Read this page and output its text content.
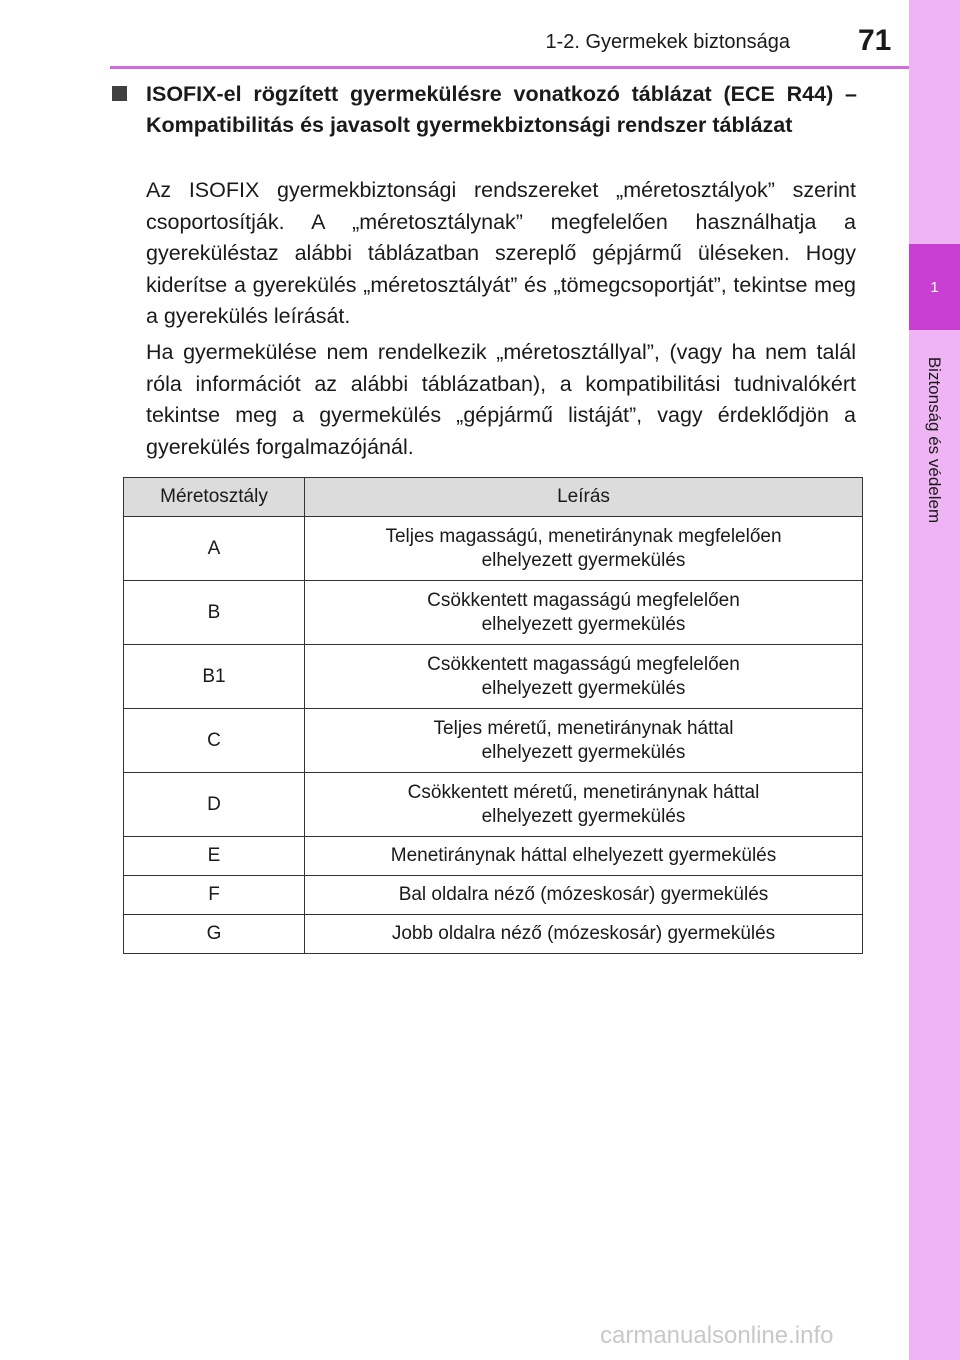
1
Biztonság és védelem
1-2. Gyermekek biztonsága 71
ISOFIX-el rögzített gyermekülésre vonatkozó táblázat (ECE R44) – Kompatibilitás és javasolt gyermekbiztonsági rendszer táblázat

Az ISOFIX gyermekbiztonsági rendszereket „méretosztályok” szerint csoportosítják. A „méretosztálynak” megfelelően használhatja a gyereküléstaz alábbi táblázatban szereplő gépjármű üléseken. Hogy kiderítse a gyerekülés „méretosztályát” és „tömegcsoportját”, tekintse meg a gyerekülés leírását.

Ha gyermekülése nem rendelkezik „méretosztállyal”, (vagy ha nem talál róla információt az alábbi táblázatban), a kompatibilitási tudnivalókért tekintse meg a gyermekülés „gépjármű listáját”, vagy érdeklődjön a gyerekülés forgalmazójánál.

Méretosztály	Leírás
A	Teljes magasságú, menetiránynak megfelelően
elhelyezett gyermekülés

B	Csökkentett magasságú megfelelően
elhelyezett gyermekülés

B1	Csökkentett magasságú megfelelően
elhelyezett gyermekülés

C	Teljes méretű, menetiránynak háttal
elhelyezett gyermekülés

D	Csökkentett méretű, menetiránynak háttal
elhelyezett gyermekülés

E	Menetiránynak háttal elhelyezett gyermekülés
F	Bal oldalra néző (mózeskosár) gyermekülés
G	Jobb oldalra néző (mózeskosár) gyermekülés
carmanualsonline.info
